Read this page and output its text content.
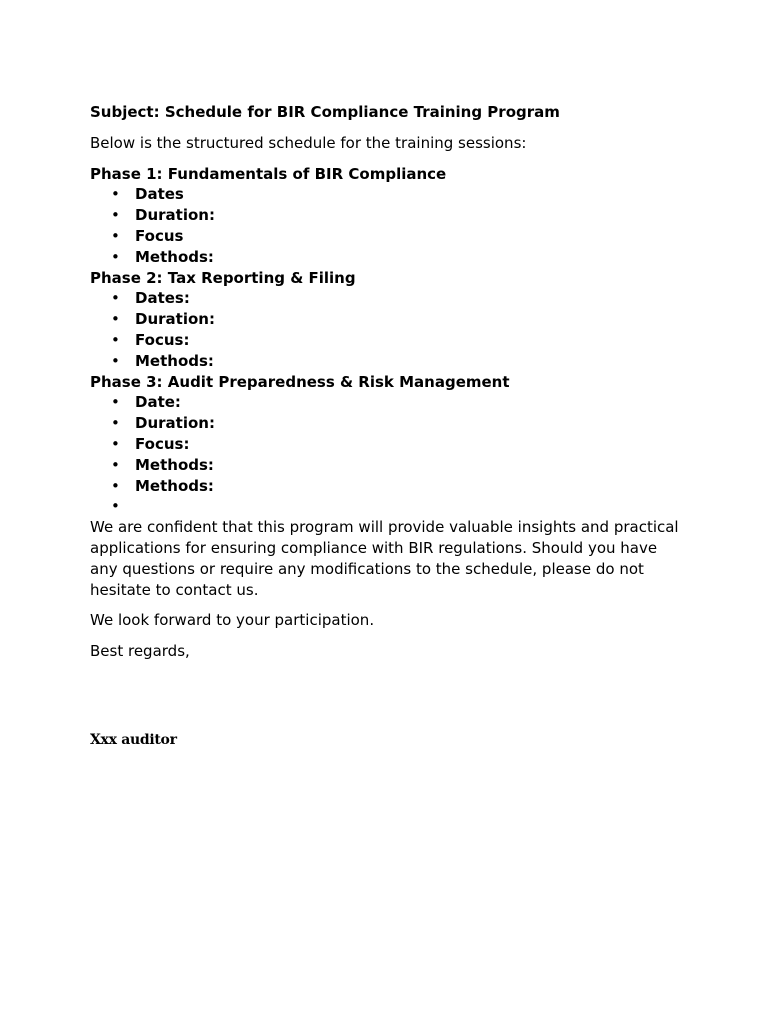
Subject: Schedule for BIR Compliance Training Program

Below is the structured schedule for the training sessions:

Phase 1: Fundamentals of BIR Compliance
• Dates
• Duration:
• Focus
• Methods:
Phase 2: Tax Reporting & Filing
• Dates:
• Duration:
• Focus:
• Methods:
Phase 3: Audit Preparedness & Risk Management
• Date:
• Duration:
• Focus:
• Methods:
• Methods:
•

We are confident that this program will provide valuable insights and practical applications for ensuring compliance with BIR regulations. Should you have any questions or require any modifications to the schedule, please do not hesitate to contact us.

We look forward to your participation.

Best regards,

Xxx auditor
